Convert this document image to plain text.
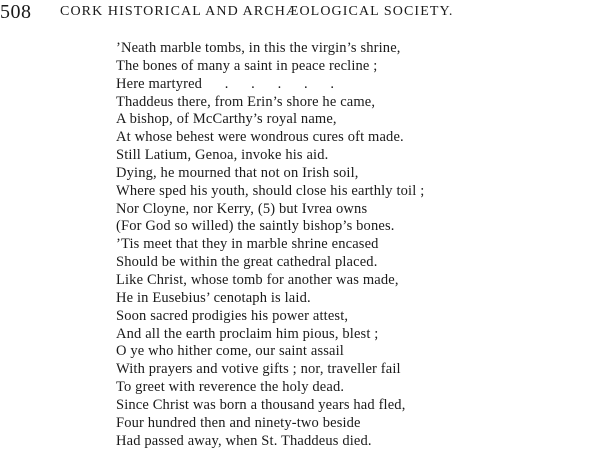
508 CORK HISTORICAL AND ARCHÆOLOGICAL SOCIETY.
’Neath marble tombs, in this the virgin’s shrine,
The bones of many a saint in peace recline ;
Here martyred      .      .      .      .      .
Thaddeus there, from Erin’s shore he came,
A bishop, of McCarthy’s royal name,
At whose behest were wondrous cures oft made.
Still Latium, Genoa, invoke his aid.
Dying, he mourned that not on Irish soil,
Where sped his youth, should close his earthly toil ;
Nor Cloyne, nor Kerry, (5) but Ivrea owns
(For God so willed) the saintly bishop’s bones.
’Tis meet that they in marble shrine encased
Should be within the great cathedral placed.
Like Christ, whose tomb for another was made,
He in Eusebius’ cenotaph is laid.
Soon sacred prodigies his power attest,
And all the earth proclaim him pious, blest ;
O ye who hither come, our saint assail
With prayers and votive gifts ; nor, traveller fail
To greet with reverence the holy dead.
Since Christ was born a thousand years had fled,
Four hundred then and ninety-two beside
Had passed away, when St. Thaddeus died.
